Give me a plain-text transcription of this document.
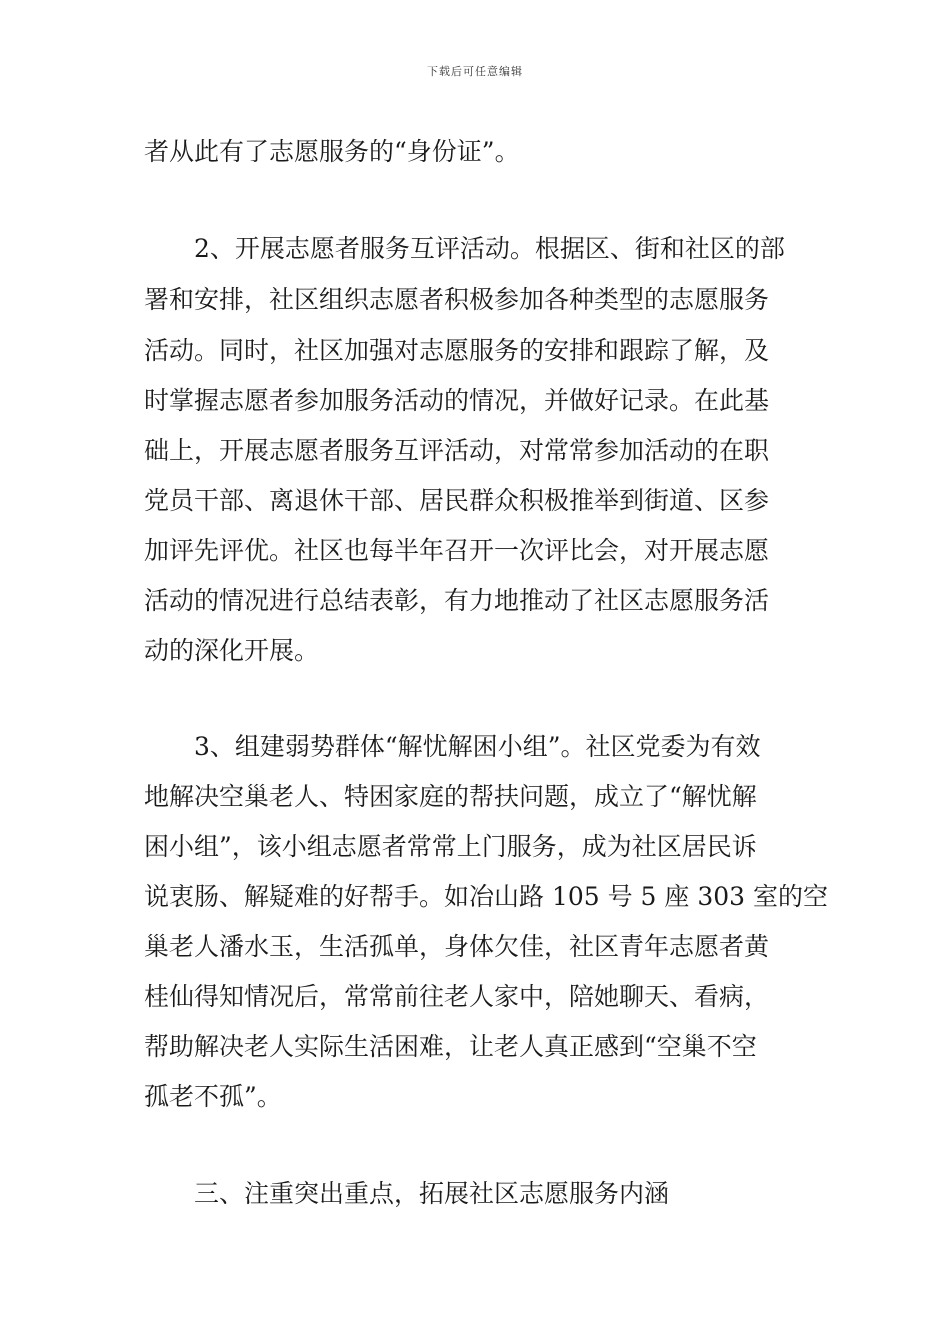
下载后可任意编辑
者从此有了志愿服务的“身份证”。
2、开展志愿者服务互评活动。根据区、街和社区的部
署和安排，社区组织志愿者积极参加各种类型的志愿服务
活动。同时，社区加强对志愿服务的安排和跟踪了解，及
时掌握志愿者参加服务活动的情况，并做好记录。在此基
础上，开展志愿者服务互评活动，对常常参加活动的在职
党员干部、离退休干部、居民群众积极推举到街道、区参
加评先评优。社区也每半年召开一次评比会，对开展志愿
活动的情况进行总结表彰，有力地推动了社区志愿服务活
动的深化开展。
3、组建弱势群体“解忧解困小组”。社区党委为有效
地解决空巢老人、特困家庭的帮扶问题，成立了“解忧解
困小组”，该小组志愿者常常上门服务，成为社区居民诉
说衷肠、解疑难的好帮手。如冶山路 105 号 5 座 303 室的空
巢老人潘水玉，生活孤单，身体欠佳，社区青年志愿者黄
桂仙得知情况后，常常前往老人家中，陪她聊天、看病，
帮助解决老人实际生活困难，让老人真正感到“空巢不空
孤老不孤”。
三、注重突出重点，拓展社区志愿服务内涵
